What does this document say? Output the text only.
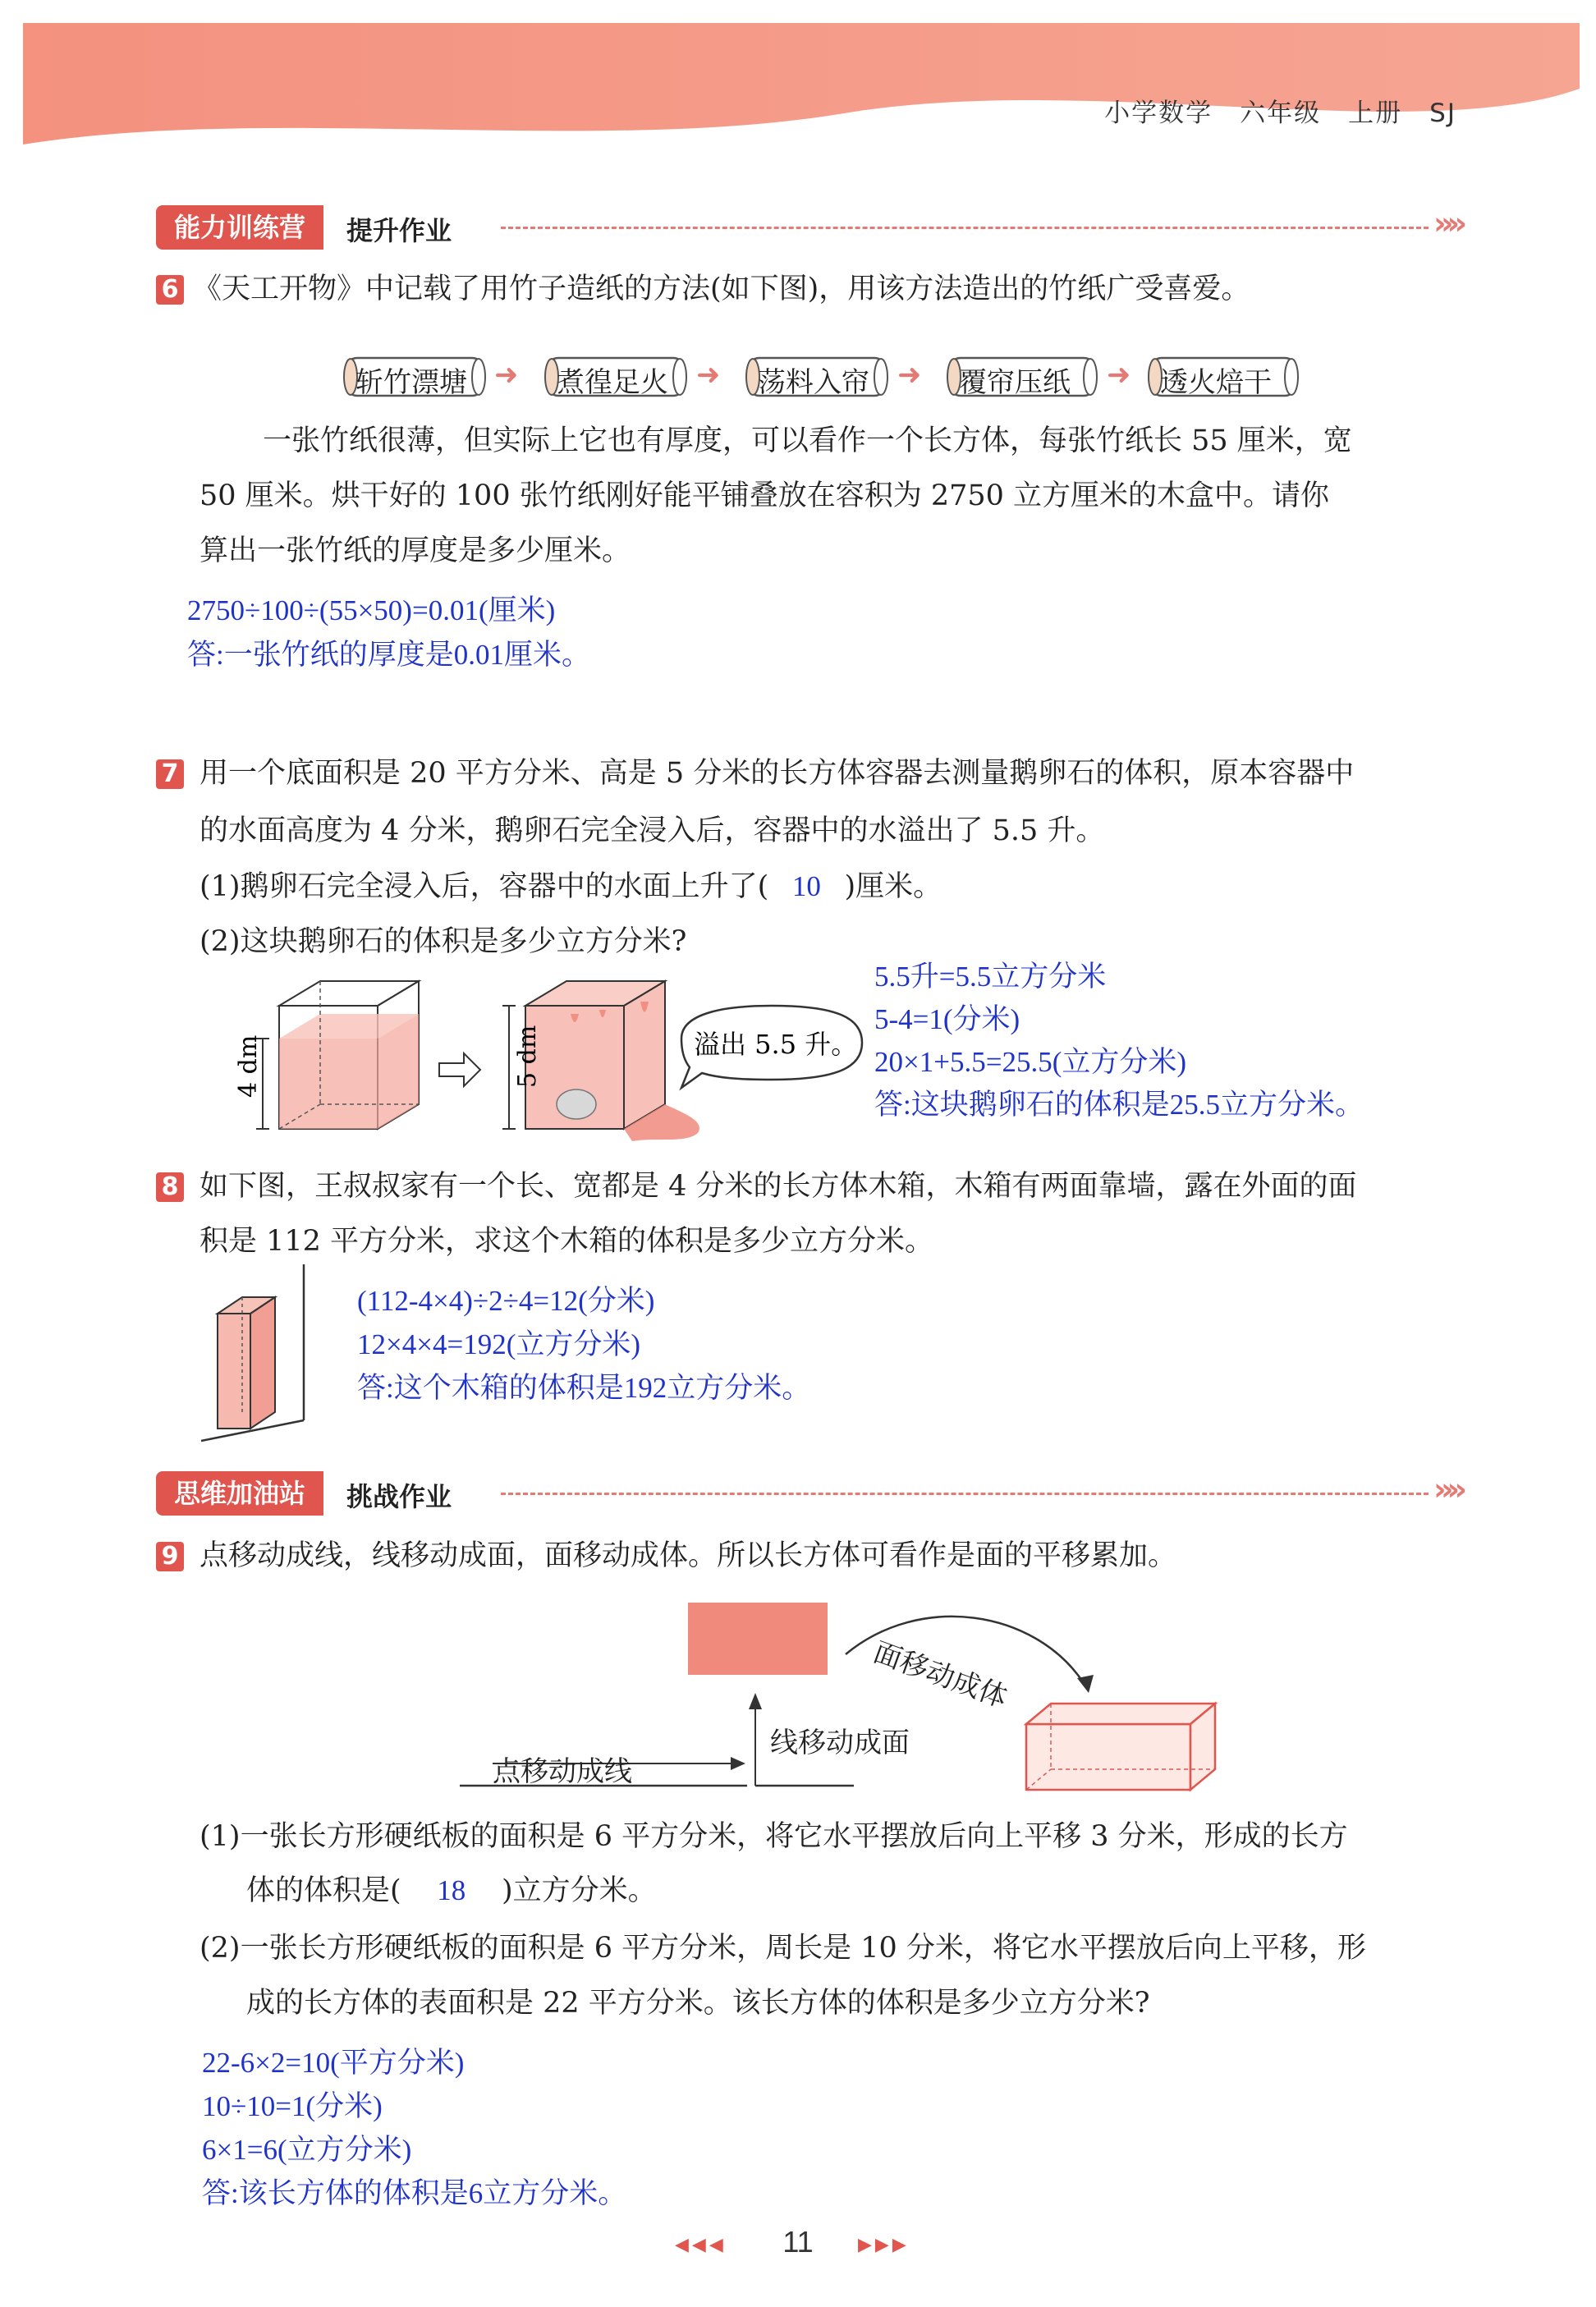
小学数学　六年级　上册　SJ
能力训练营	提升作业	»»
6 《天工开物》中记载了用竹子造纸的方法(如下图)，用该方法造出的竹纸广受喜爱。
斩竹漂塘 ➜ 煮徨足火 ➜ 荡料入帘 ➜ 覆帘压纸 ➜ 透火焙干
一张竹纸很薄，但实际上它也有厚度，可以看作一个长方体，每张竹纸长 55 厘米，宽
50 厘米。烘干好的 100 张竹纸刚好能平铺叠放在容积为 2750 立方厘米的木盒中。请你
算出一张竹纸的厚度是多少厘米。
2750÷100÷(55×50)=0.01(厘米)
答:一张竹纸的厚度是0.01厘米。
7 用一个底面积是 20 平方分米、高是 5 分米的长方体容器去测量鹅卵石的体积，原本容器中
的水面高度为 4 分米，鹅卵石完全浸入后，容器中的水溢出了 5.5 升。
(1)鹅卵石完全浸入后，容器中的水面上升了( 10 )厘米。
(2)这块鹅卵石的体积是多少立方分米?
4 dm	5 dm	溢出 5.5 升。
5.5升=5.5立方分米
5-4=1(分米)
20×1+5.5=25.5(立方分米)
答:这块鹅卵石的体积是25.5立方分米。
8 如下图，王叔叔家有一个长、宽都是 4 分米的长方体木箱，木箱有两面靠墙，露在外面的面
积是 112 平方分米，求这个木箱的体积是多少立方分米。
(112-4×4)÷2÷4=12(分米)
12×4×4=192(立方分米)
答:这个木箱的体积是192立方分米。
思维加油站	挑战作业	»»
9 点移动成线，线移动成面，面移动成体。所以长方体可看作是面的平移累加。
点移动成线
线移动成面
面移动成体
(1)一张长方形硬纸板的面积是 6 平方分米，将它水平摆放后向上平移 3 分米，形成的长方
体的体积是( 18 )立方分米。
(2)一张长方形硬纸板的面积是 6 平方分米，周长是 10 分米，将它水平摆放后向上平移，形
成的长方体的表面积是 22 平方分米。该长方体的体积是多少立方分米?
22-6×2=10(平方分米)
10÷10=1(分米)
6×1=6(立方分米)
答:该长方体的体积是6立方分米。
◀◀◀	11	▶▶▶
